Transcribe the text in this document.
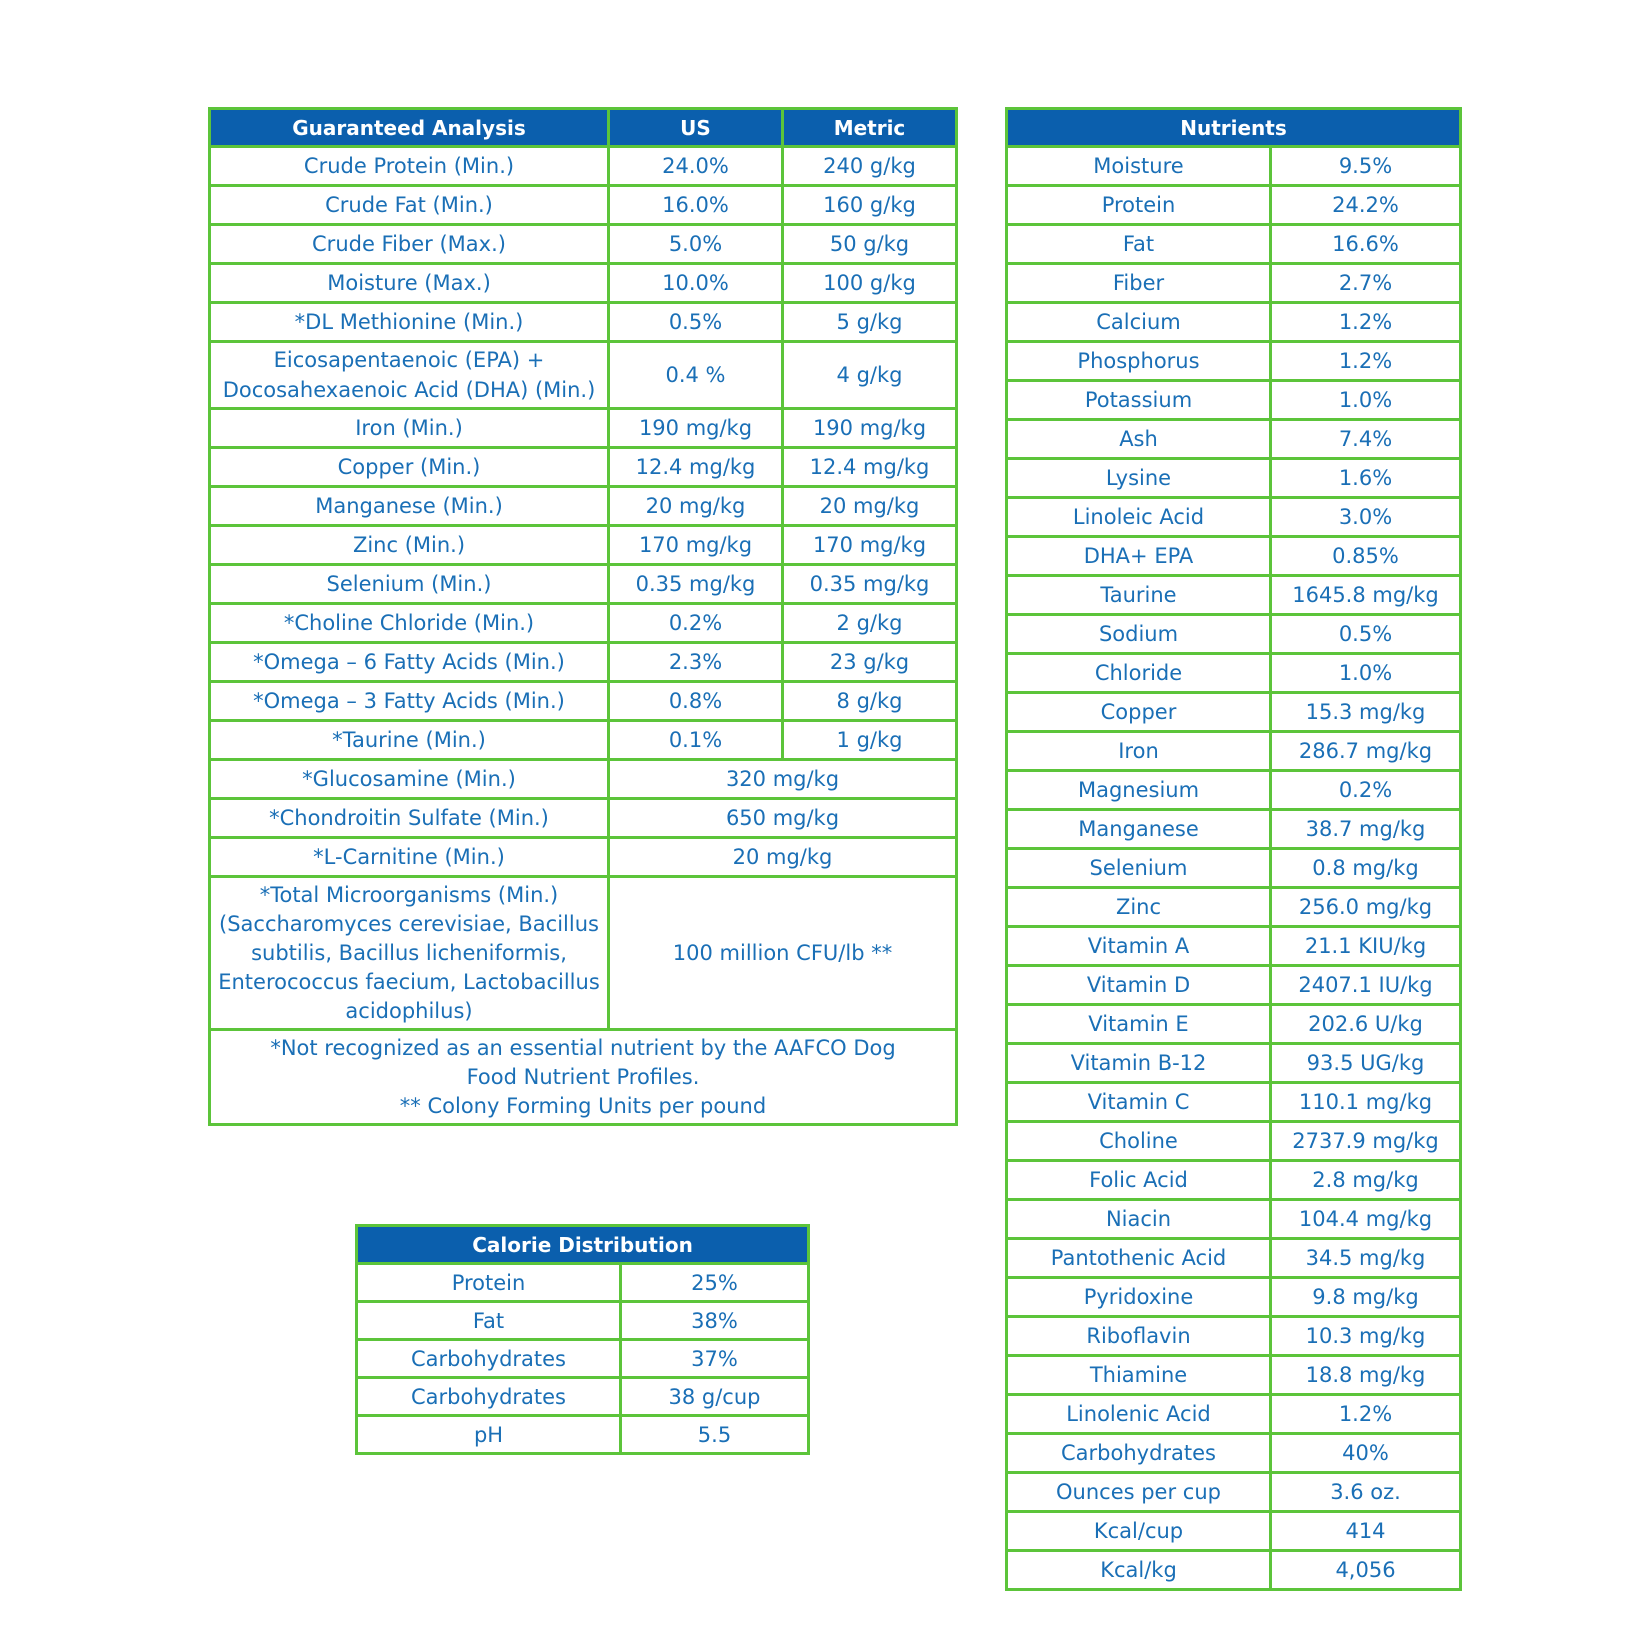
Guaranteed Analysis	US	Metric
Crude Protein (Min.)	24.0%	240 g/kg
Crude Fat (Min.)	16.0%	160 g/kg
Crude Fiber (Max.)	5.0%	50 g/kg
Moisture (Max.)	10.0%	100 g/kg
*DL Methionine (Min.)	0.5%	5 g/kg
Eicosapentaenoic (EPA) + Docosahexaenoic Acid (DHA) (Min.)	0.4 %	4 g/kg
Iron (Min.)	190 mg/kg	190 mg/kg
Copper (Min.)	12.4 mg/kg	12.4 mg/kg
Manganese (Min.)	20 mg/kg	20 mg/kg
Zinc (Min.)	170 mg/kg	170 mg/kg
Selenium (Min.)	0.35 mg/kg	0.35 mg/kg
*Choline Chloride (Min.)	0.2%	2 g/kg
*Omega – 6 Fatty Acids (Min.)	2.3%	23 g/kg
*Omega – 3 Fatty Acids (Min.)	0.8%	8 g/kg
*Taurine (Min.)	0.1%	1 g/kg
*Glucosamine (Min.)	320 mg/kg	
*Chondroitin Sulfate (Min.)	650 mg/kg	
*L-Carnitine (Min.)	20 mg/kg	
*Total Microorganisms (Min.) (Saccharomyces cerevisiae, Bacillus subtilis, Bacillus licheniformis, Enterococcus faecium, Lactobacillus acidophilus)	100 million CFU/lb **	

*Not recognized as an essential nutrient by the AAFCO Dog Food Nutrient Profiles.
** Colony Forming Units per pound		
Nutrients	
Moisture	9.5%
Protein	24.2%
Fat	16.6%
Fiber	2.7%
Calcium	1.2%
Phosphorus	1.2%
Potassium	1.0%
Ash	7.4%
Lysine	1.6%
Linoleic Acid	3.0%
DHA+ EPA	0.85%
Taurine	1645.8 mg/kg
Sodium	0.5%
Chloride	1.0%
Copper	15.3 mg/kg
Iron	286.7 mg/kg
Magnesium	0.2%
Manganese	38.7 mg/kg
Selenium	0.8 mg/kg
Zinc	256.0 mg/kg
Vitamin A	21.1 KIU/kg
Vitamin D	2407.1 IU/kg
Vitamin E	202.6 U/kg
Vitamin B-12	93.5 UG/kg
Vitamin C	110.1 mg/kg
Choline	2737.9 mg/kg
Folic Acid	2.8 mg/kg
Niacin	104.4 mg/kg
Pantothenic Acid	34.5 mg/kg
Pyridoxine	9.8 mg/kg
Riboflavin	10.3 mg/kg
Thiamine	18.8 mg/kg
Linolenic Acid	1.2%
Carbohydrates	40%
Ounces per cup	3.6 oz.
Kcal/cup	414
Kcal/kg	4,056
Calorie Distribution	
Protein	25%
Fat	38%
Carbohydrates	37%
Carbohydrates	38 g/cup
pH	5.5
